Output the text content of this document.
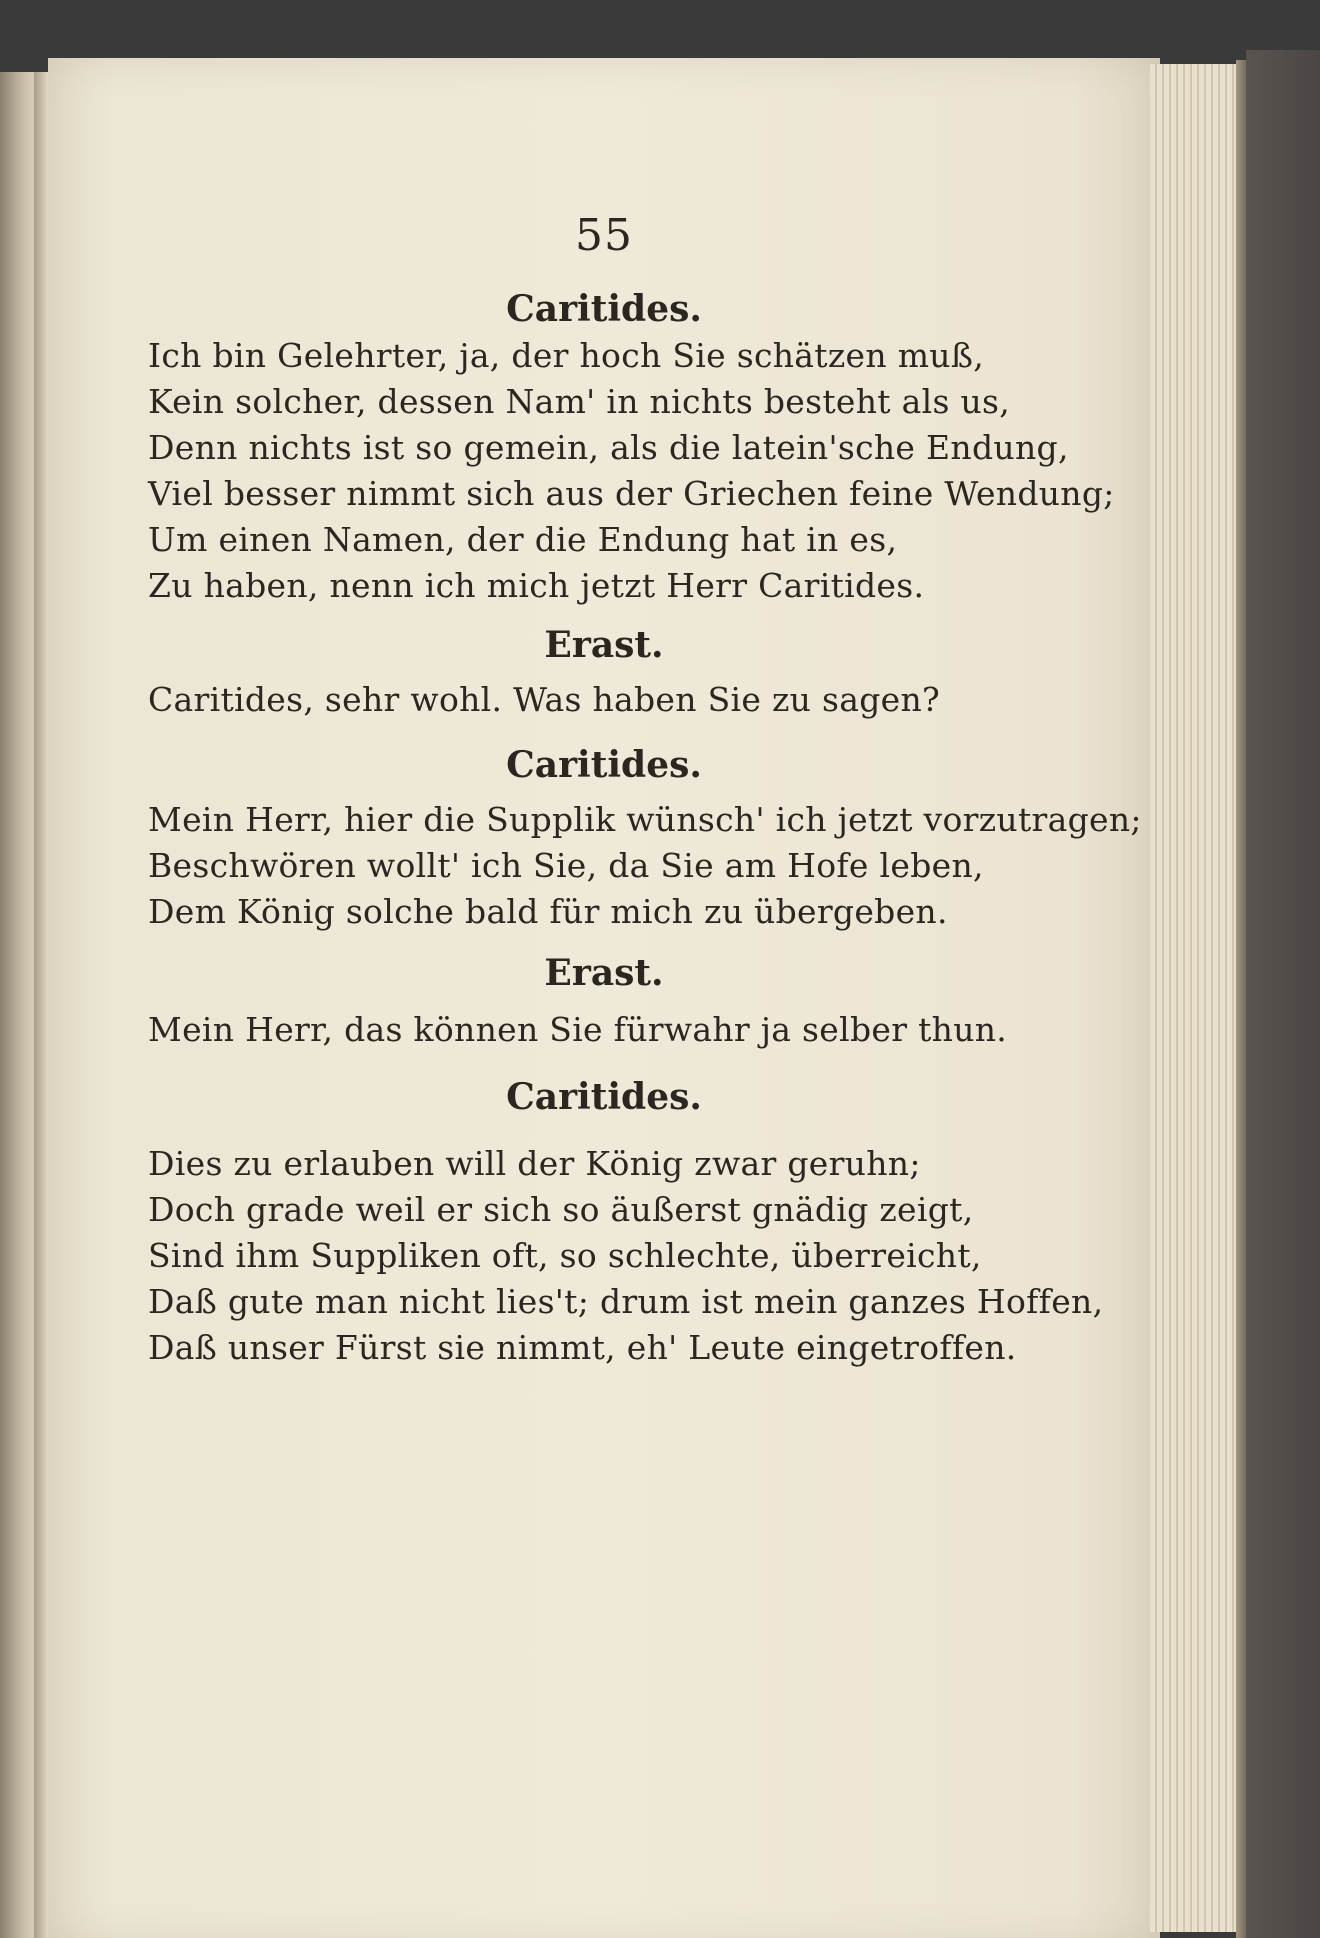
55
Caritides.
Ich bin Gelehrter, ja, der hoch Sie schätzen muß,
Kein solcher, dessen Nam' in nichts besteht als us,
Denn nichts ist so gemein, als die latein'sche Endung,
Viel besser nimmt sich aus der Griechen feine Wendung;
Um einen Namen, der die Endung hat in es,
Zu haben, nenn ich mich jetzt Herr Caritides.
Erast.
Caritides, sehr wohl. Was haben Sie zu sagen?
Caritides.
Mein Herr, hier die Supplik wünsch' ich jetzt vorzutragen;
Beschwören wollt' ich Sie, da Sie am Hofe leben,
Dem König solche bald für mich zu übergeben.
Erast.
Mein Herr, das können Sie fürwahr ja selber thun.
Caritides.
Dies zu erlauben will der König zwar geruhn;
Doch grade weil er sich so äußerst gnädig zeigt,
Sind ihm Suppliken oft, so schlechte, überreicht,
Daß gute man nicht lies't; drum ist mein ganzes Hoffen,
Daß unser Fürst sie nimmt, eh' Leute eingetroffen.
